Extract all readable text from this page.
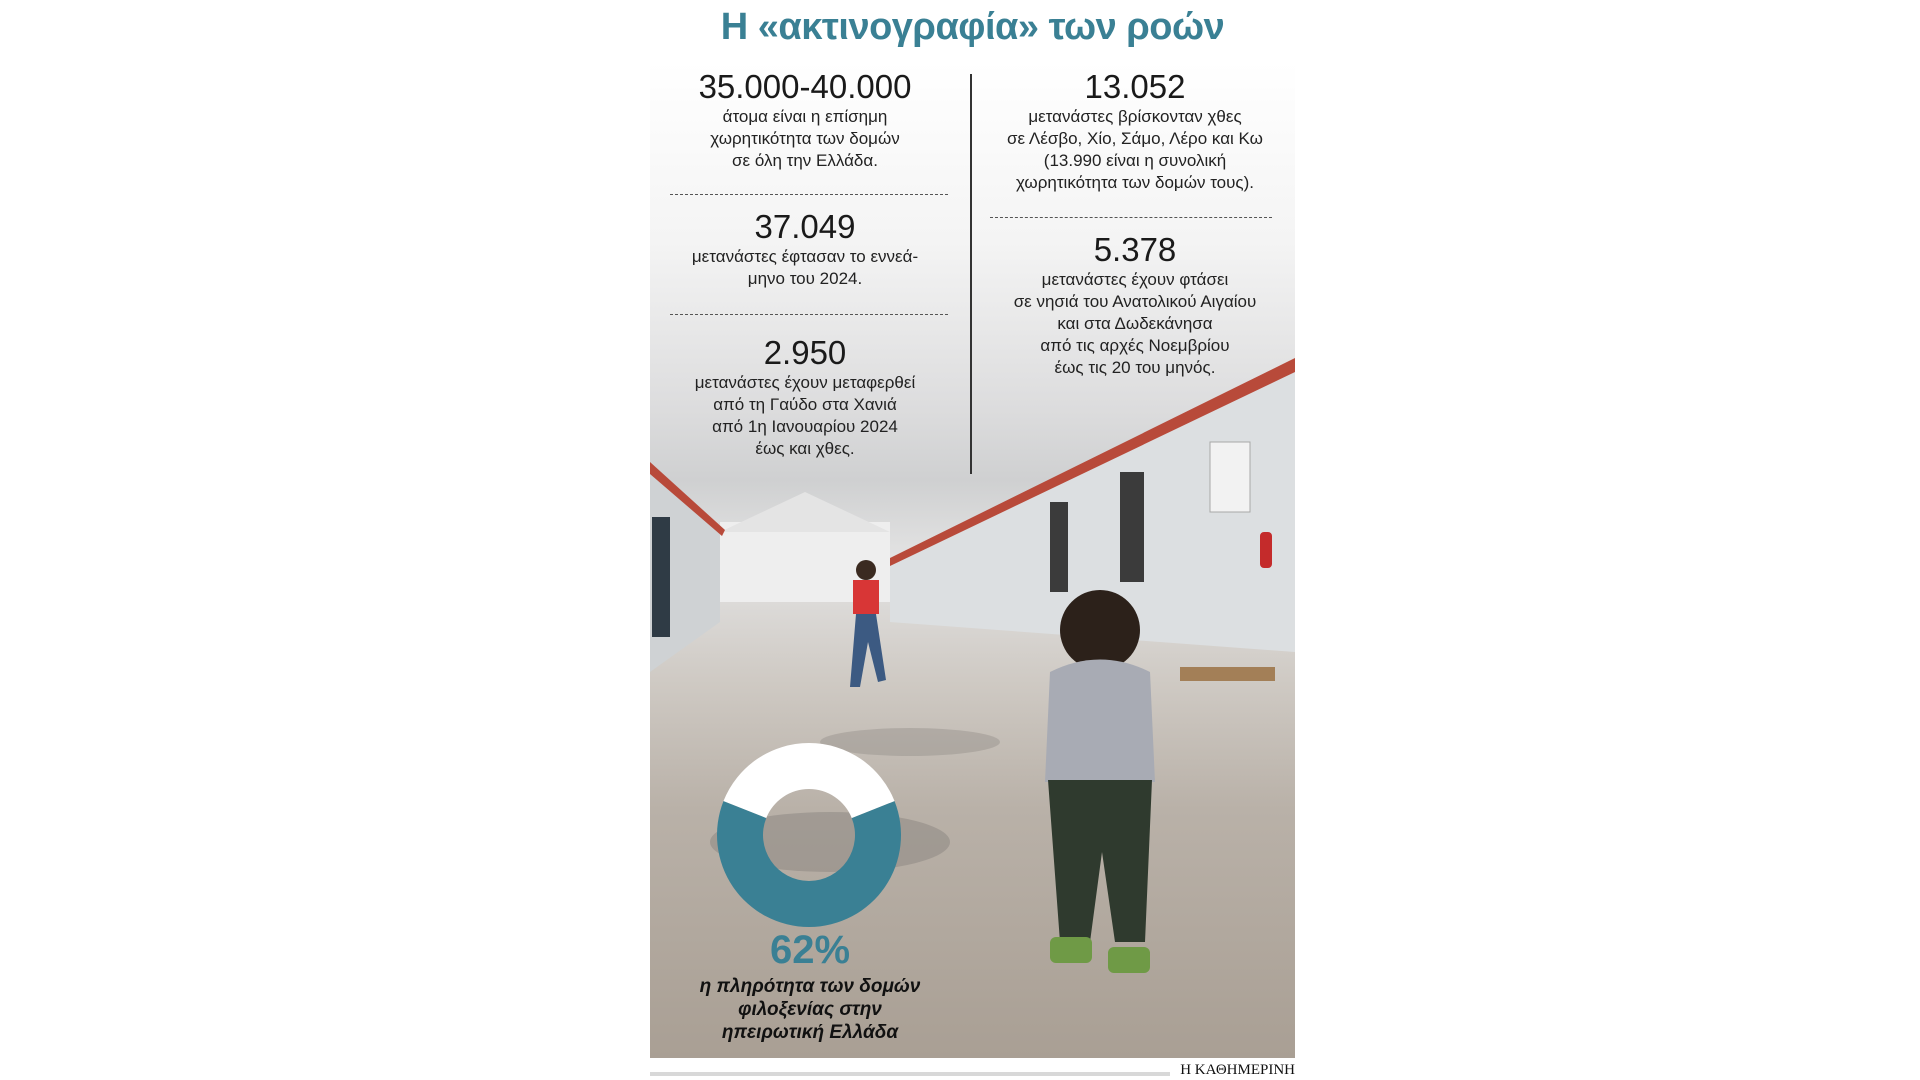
Η «ακτινογραφία» των ροών
35.000-40.000
άτομα είναι η επίσημη
χωρητικότητα των δομών
σε όλη την Ελλάδα.
37.049
μετανάστες έφτασαν το εννεά-
μηνο του 2024.
2.950
μετανάστες έχουν μεταφερθεί
από τη Γαύδο στα Χανιά
από 1η Ιανουαρίου 2024
έως και χθες.
13.052
μετανάστες βρίσκονταν χθες
σε Λέσβο, Χίο, Σάμο, Λέρο και Κω
(13.990 είναι η συνολική
χωρητικότητα των δομών τους).
5.378
μετανάστες έχουν φτάσει
σε νησιά του Ανατολικού Αιγαίου
και στα Δωδεκάνησα
από τις αρχές Νοεμβρίου
έως τις 20 του μηνός.
62%
η πληρότητα των δομών
φιλοξενίας στην
ηπειρωτική Ελλάδα
Η ΚΑΘΗΜΕΡΙΝΗ
